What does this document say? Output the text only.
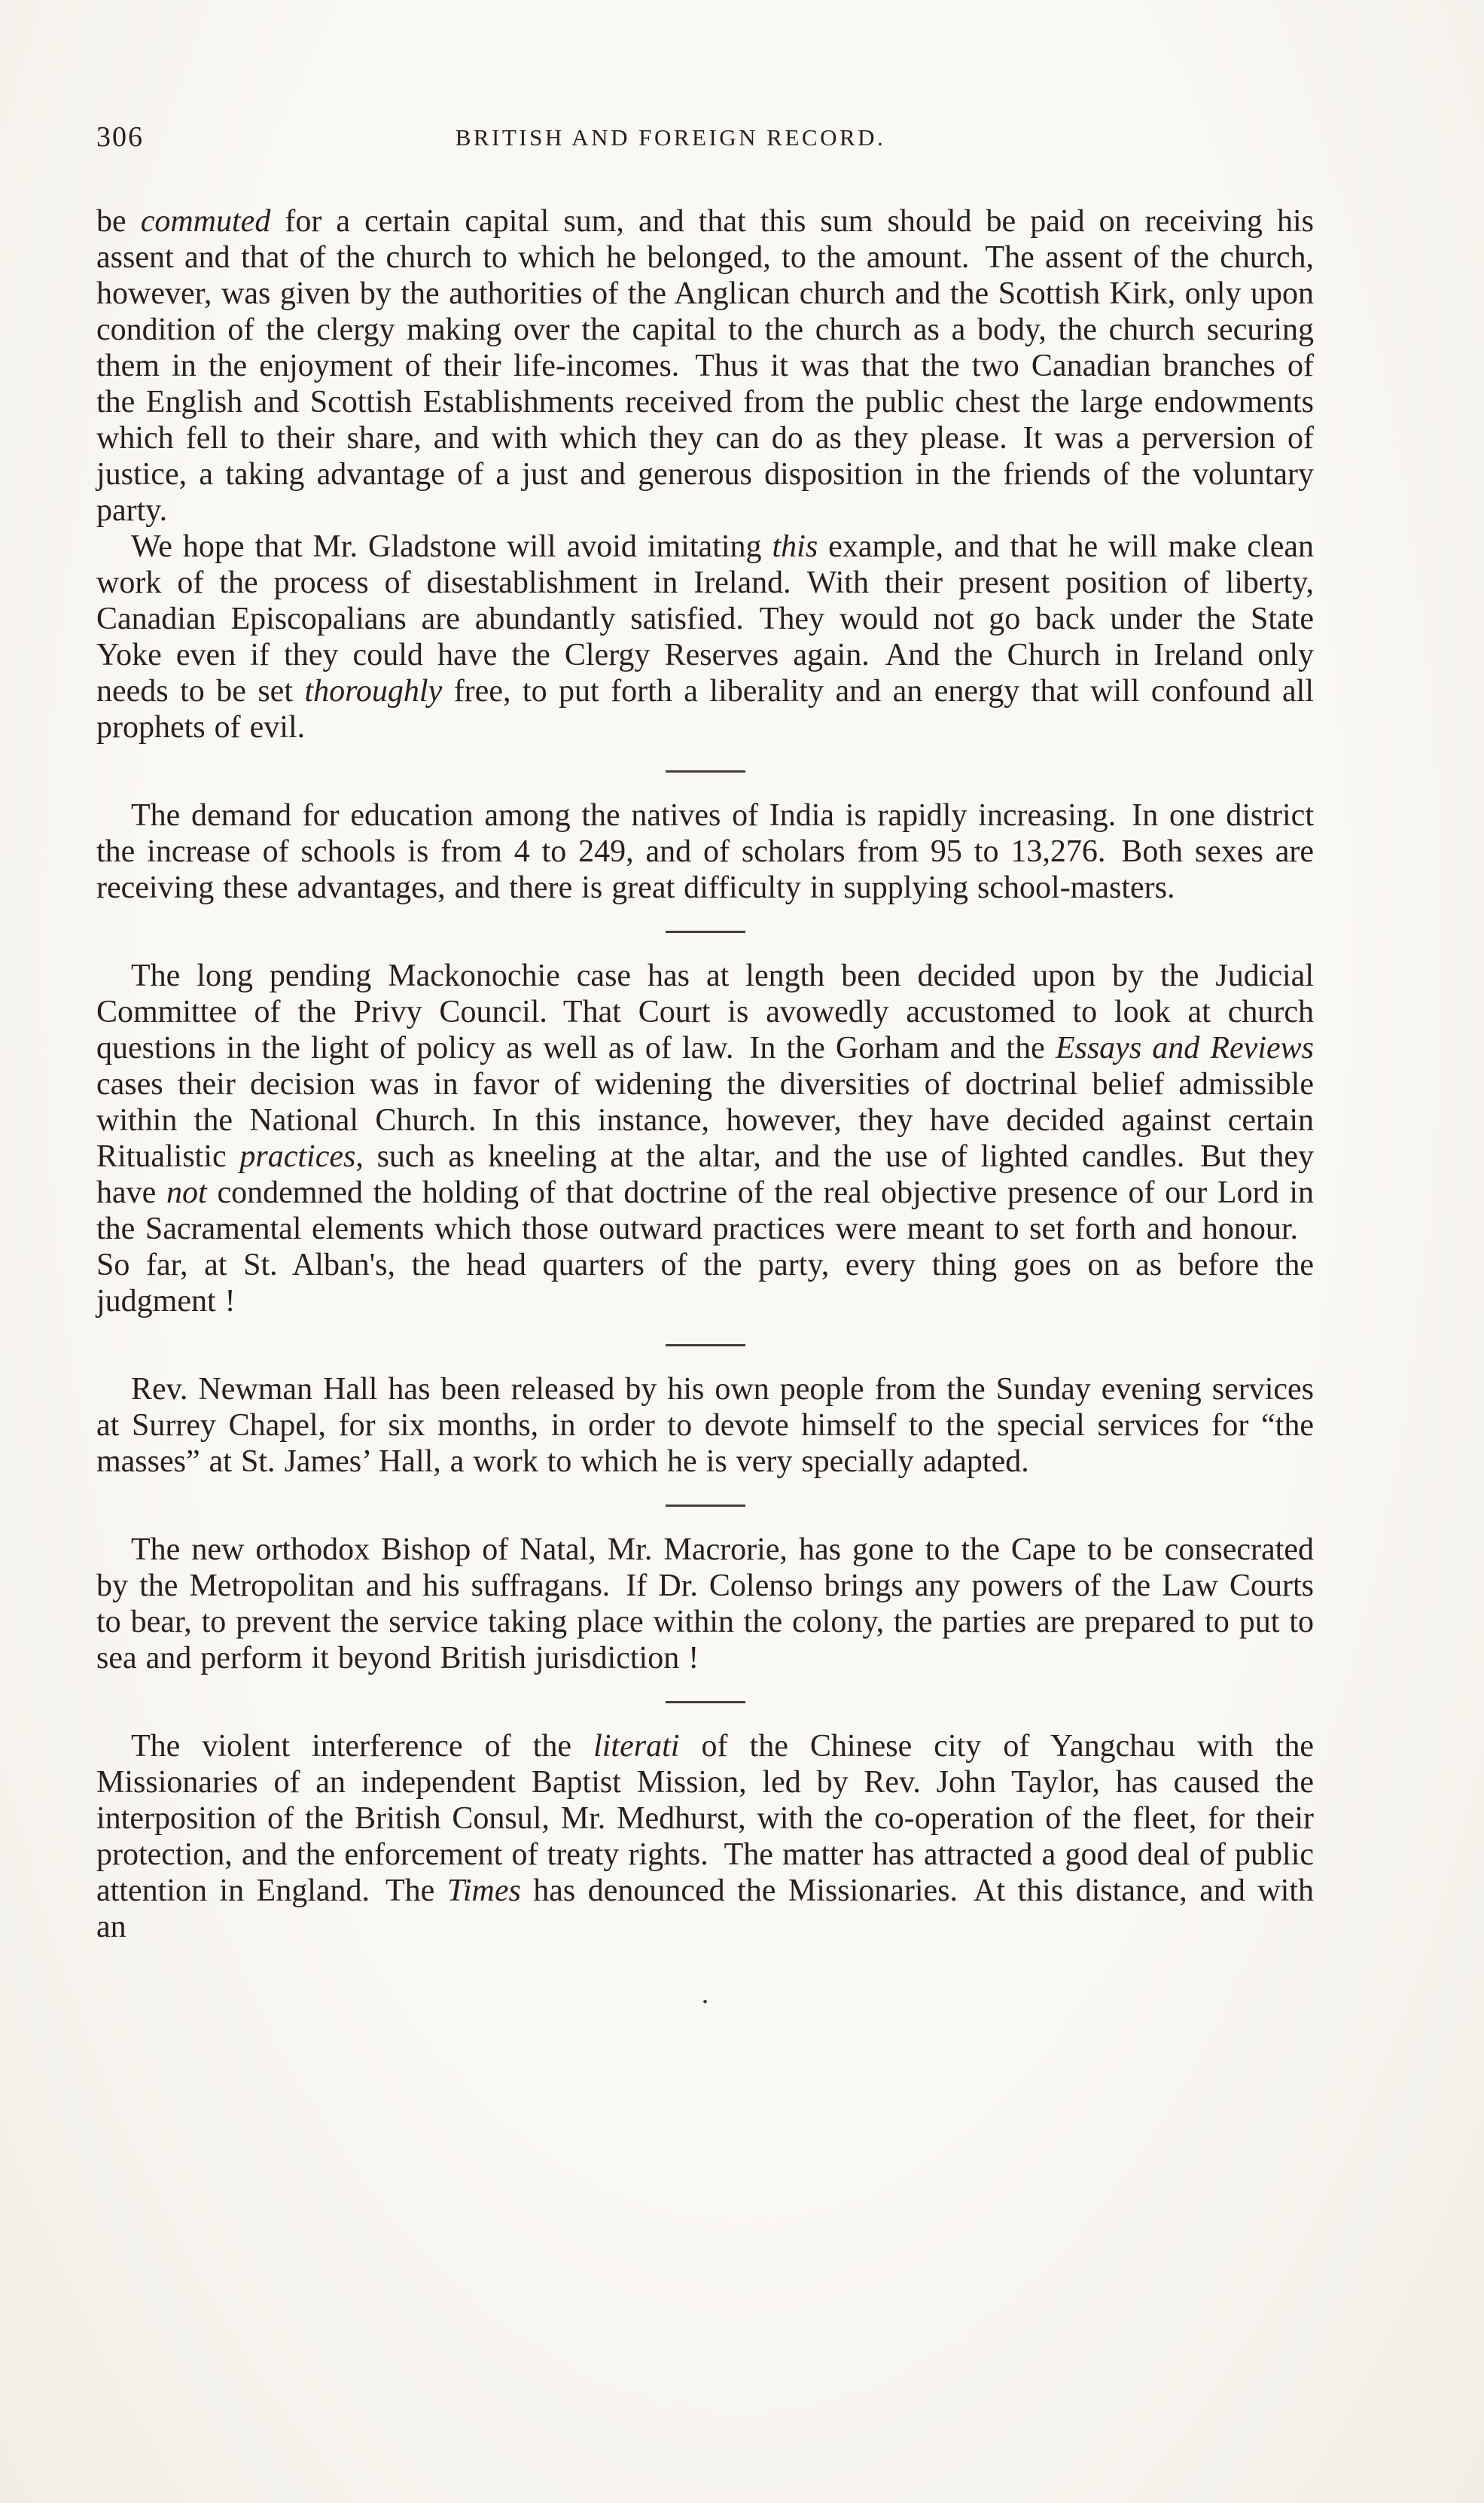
306	BRITISH AND FOREIGN RECORD.

be commuted for a certain capital sum, and that this sum should be paid on receiving his assent and that of the church to which he belonged, to the amount. The assent of the church, however, was given by the authorities of the Anglican church and the Scottish Kirk, only upon condition of the clergy making over the capital to the church as a body, the church securing them in the enjoyment of their life-incomes. Thus it was that the two Canadian branches of the English and Scottish Establishments received from the public chest the large endowments which fell to their share, and with which they can do as they please. It was a perversion of justice, a taking advantage of a just and generous disposition in the friends of the voluntary party.

We hope that Mr. Gladstone will avoid imitating this example, and that he will make clean work of the process of disestablishment in Ireland. With their present position of liberty, Canadian Episcopalians are abundantly satisfied. They would not go back under the State Yoke even if they could have the Clergy Reserves again. And the Church in Ireland only needs to be set thoroughly free, to put forth a liberality and an energy that will confound all prophets of evil.

The demand for education among the natives of India is rapidly increasing. In one district the increase of schools is from 4 to 249, and of scholars from 95 to 13,276. Both sexes are receiving these advantages, and there is great difficulty in supplying school-masters.

The long pending Mackonochie case has at length been decided upon by the Judicial Committee of the Privy Council. That Court is avowedly accustomed to look at church questions in the light of policy as well as of law. In the Gorham and the Essays and Reviews cases their decision was in favor of widening the diversities of doctrinal belief admissible within the National Church. In this instance, however, they have decided against certain Ritualistic practices, such as kneeling at the altar, and the use of lighted candles. But they have not condemned the holding of that doctrine of the real objective presence of our Lord in the Sacramental elements which those outward practices were meant to set forth and honour. So far, at St. Alban's, the head quarters of the party, every thing goes on as before the judgment !

Rev. Newman Hall has been released by his own people from the Sunday evening services at Surrey Chapel, for six months, in order to devote himself to the special services for “the masses” at St. James’ Hall, a work to which he is very specially adapted.

The new orthodox Bishop of Natal, Mr. Macrorie, has gone to the Cape to be consecrated by the Metropolitan and his suffragans. If Dr. Colenso brings any powers of the Law Courts to bear, to prevent the service taking place within the colony, the parties are prepared to put to sea and perform it beyond British jurisdiction !

The violent interference of the literati of the Chinese city of Yangchau with the Missionaries of an independent Baptist Mission, led by Rev. John Taylor, has caused the interposition of the British Consul, Mr. Medhurst, with the co-operation of the fleet, for their protection, and the enforcement of treaty rights. The matter has attracted a good deal of public attention in England. The Times has denounced the Missionaries. At this distance, and with an

.
